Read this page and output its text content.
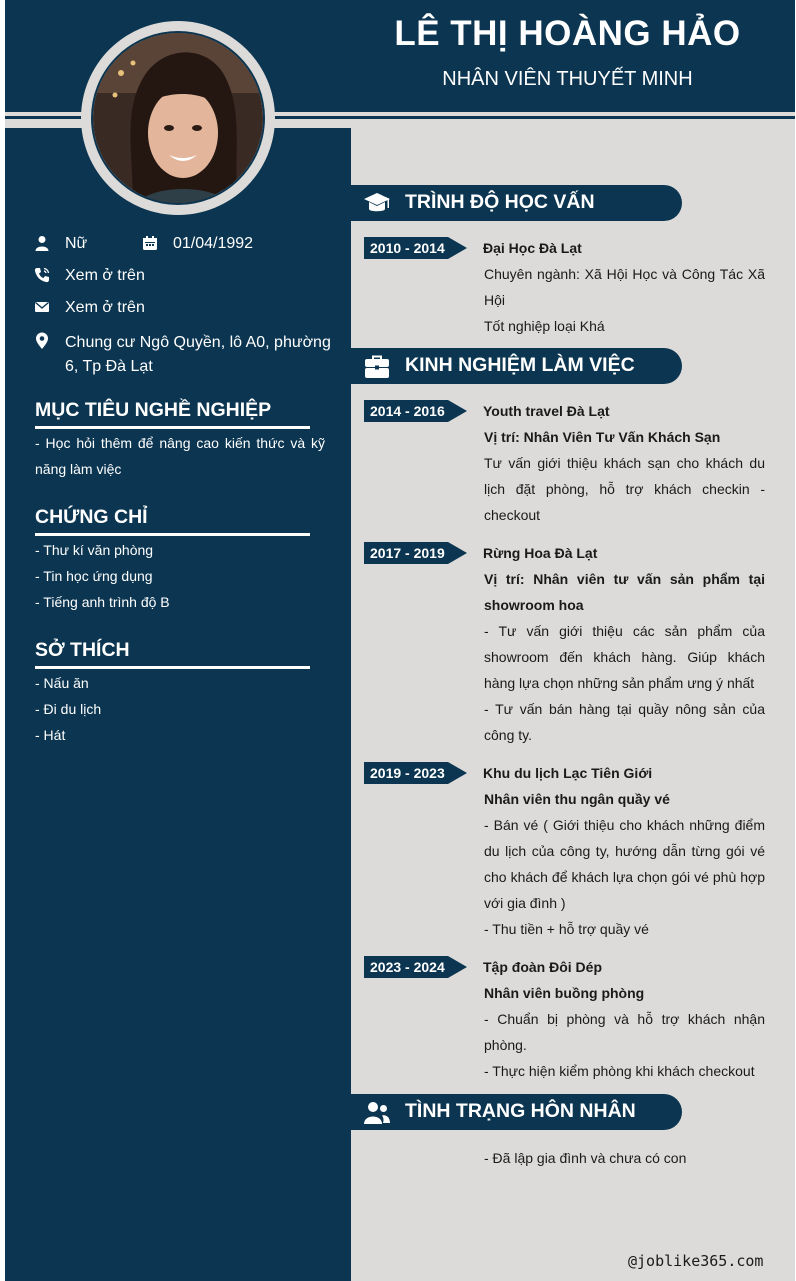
LÊ THỊ HOÀNG HẢO
NHÂN VIÊN THUYẾT MINH
Nữ	01/04/1992
Xem ở trên
Xem ở trên
Chung cư Ngô Quyền, lô A0, phường 6, Tp Đà Lạt
MỤC TIÊU NGHỀ NGHIỆP
- Học hỏi thêm để nâng cao kiến thức và kỹ năng làm việc
CHỨNG CHỈ
- Thư kí văn phòng
- Tin học ứng dụng
- Tiếng anh trình độ B
SỞ THÍCH
- Nấu ăn
- Đi du lịch
- Hát
TRÌNH ĐỘ HỌC VẤN
2010 - 2014	Đại Học Đà Lạt
Chuyên ngành: Xã Hội Học và Công Tác Xã Hội
Tốt nghiệp loại Khá
KINH NGHIỆM LÀM VIỆC
2014 - 2016	Youth travel Đà Lạt
Vị trí: Nhân Viên Tư Vấn Khách Sạn
Tư vấn giới thiệu khách sạn cho khách du lịch đặt phòng, hỗ trợ khách checkin - checkout
2017 - 2019	Rừng Hoa Đà Lạt
Vị trí: Nhân viên tư vấn sản phẩm tại showroom hoa
- Tư vấn giới thiệu các sản phẩm của showroom đến khách hàng. Giúp khách hàng lựa chọn những sản phẩm ưng ý nhất
- Tư vấn bán hàng tại quầy nông sản của công ty.
2019 - 2023	Khu du lịch Lạc Tiên Giới
Nhân viên thu ngân quầy vé
- Bán vé ( Giới thiệu cho khách những điểm du lịch của công ty, hướng dẫn từng gói vé cho khách để khách lựa chọn gói vé phù hợp với gia đình )
- Thu tiền + hỗ trợ quầy vé
2023 - 2024	Tập đoàn Đôi Dép
Nhân viên buồng phòng
- Chuẩn bị phòng và hỗ trợ khách nhận phòng.
- Thực hiện kiểm phòng khi khách checkout
TÌNH TRẠNG HÔN NHÂN
- Đã lập gia đình và chưa có con
@joblike365.com
